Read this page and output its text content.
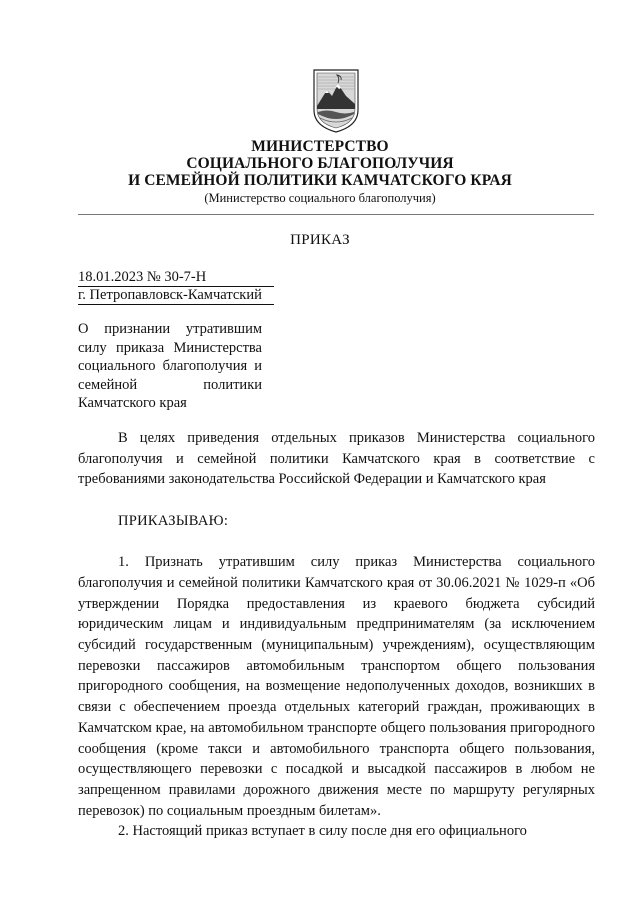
МИНИСТЕРСТВО
СОЦИАЛЬНОГО БЛАГОПОЛУЧИЯ
И СЕМЕЙНОЙ ПОЛИТИКИ КАМЧАТСКОГО КРАЯ
(Министерство социального благополучия)
ПРИКАЗ
18.01.2023 № 30-7-Н
г. Петропавловск-Камчатский
О признании утратившим силу приказа Министерства социального благополучия и семейной политики Камчатского края

В целях приведения отдельных приказов Министерства социального благополучия и семейной политики Камчатского края в соответствие с требованиями законодательства Российской Федерации и Камчатского края

ПРИКАЗЫВАЮ:

1. Признать утратившим силу приказ Министерства социального благополучия и семейной политики Камчатского края от 30.06.2021 № 1029-п «Об утверждении Порядка предоставления из краевого бюджета субсидий юридическим лицам и индивидуальным предпринимателям (за исключением субсидий государственным (муниципальным) учреждениям), осуществляющим перевозки пассажиров автомобильным транспортом общего пользования пригородного сообщения, на возмещение недополученных доходов, возникших в связи с обеспечением проезда отдельных категорий граждан, проживающих в Камчатском крае, на автомобильном транспорте общего пользования пригородного сообщения (кроме такси и автомобильного транспорта общего пользования, осуществляющего перевозки с посадкой и высадкой пассажиров в любом не запрещенном правилами дорожного движения месте по маршруту регулярных перевозок) по социальным проездным билетам».

2. Настоящий приказ вступает в силу после дня его официального
